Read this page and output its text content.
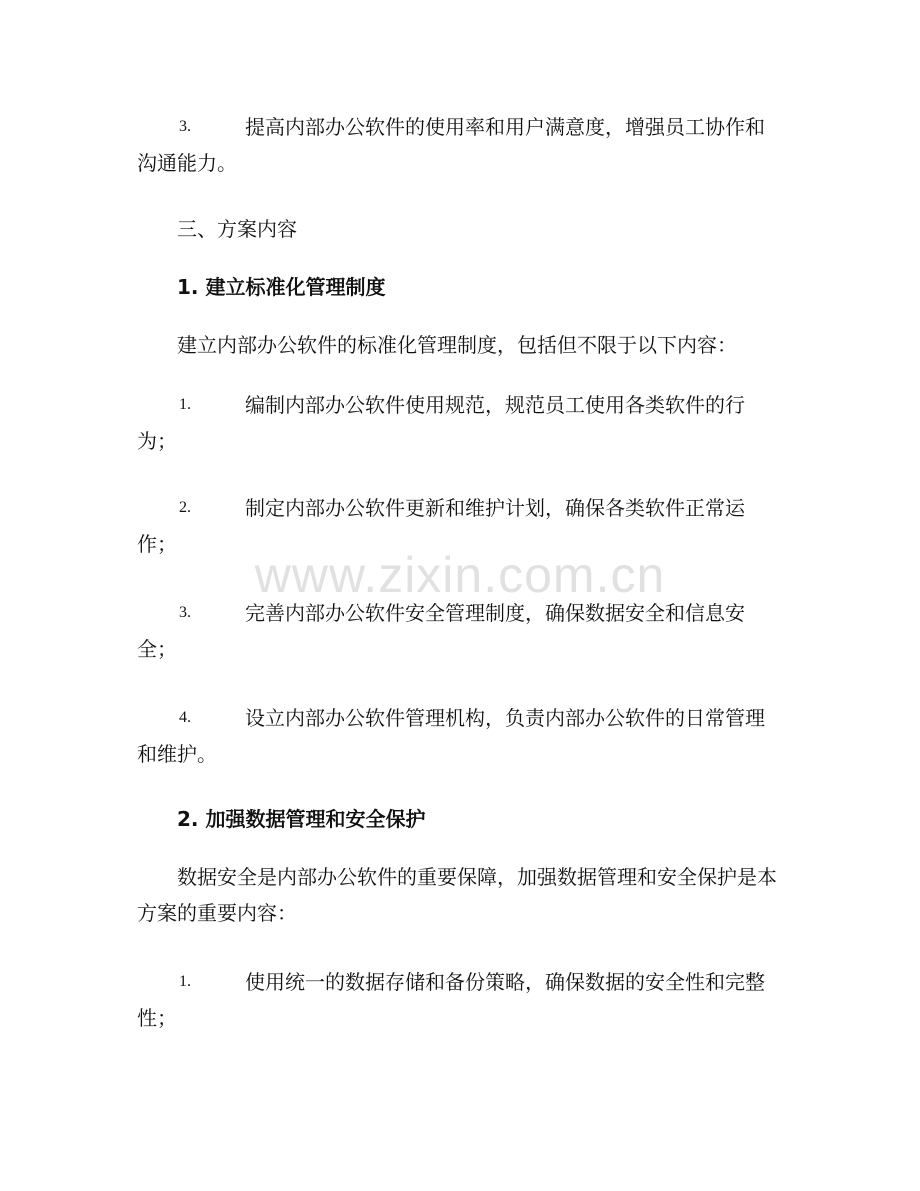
www.zixin.com.cn
3.	提高内部办公软件的使用率和用户满意度，增强员工协作和沟通能力。
三、方案内容
1. 建立标准化管理制度
建立内部办公软件的标准化管理制度，包括但不限于以下内容：
1.	编制内部办公软件使用规范，规范员工使用各类软件的行为；
2.	制定内部办公软件更新和维护计划，确保各类软件正常运作；
3.	完善内部办公软件安全管理制度，确保数据安全和信息安全；
4.	设立内部办公软件管理机构，负责内部办公软件的日常管理和维护。
2. 加强数据管理和安全保护
数据安全是内部办公软件的重要保障，加强数据管理和安全保护是本方案的重要内容：
1.	使用统一的数据存储和备份策略，确保数据的安全性和完整性；
